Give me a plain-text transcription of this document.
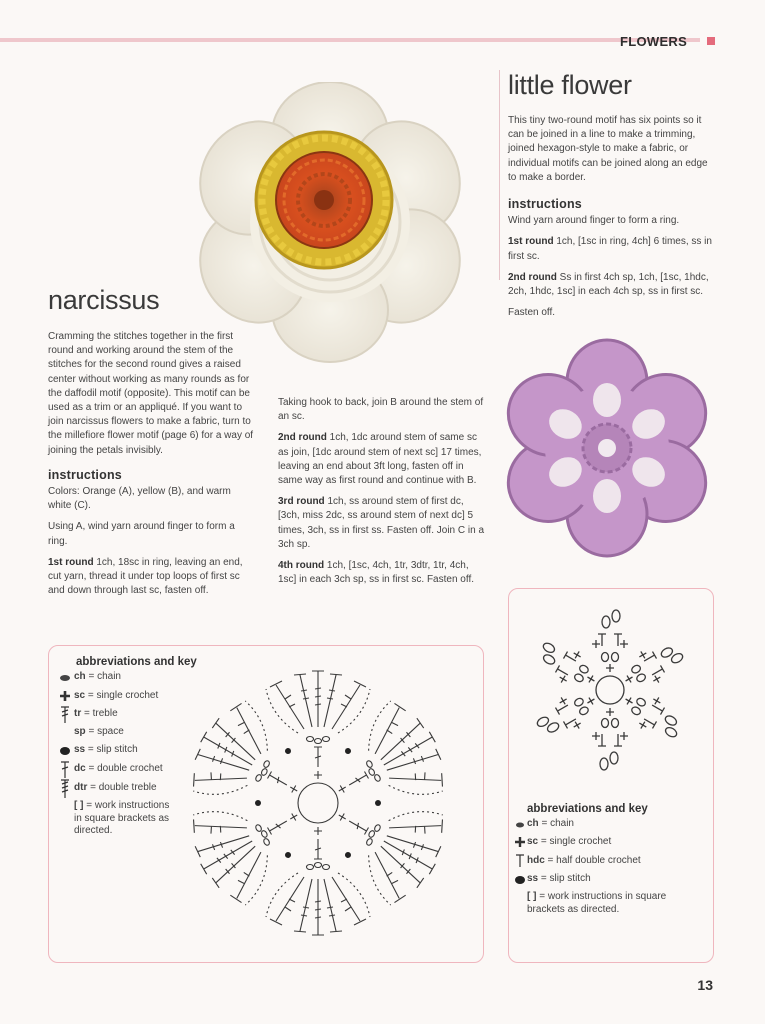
FLOWERS
narcissus

Cramming the stitches together in the first round and working around the stem of the stitches for the second round gives a raised center without working as many rounds as for the daffodil motif (opposite). This motif can be used as a trim or an appliqué. If you want to join narcissus flowers to make a fabric, turn to the millefiore flower motif (page 6) for a way of joining the petals invisibly.

instructions

Colors: Orange (A), yellow (B), and warm white (C).

Using A, wind yarn around finger to form a ring.

1st round 1ch, 18sc in ring, leaving an end, cut yarn, thread it under top loops of first sc and down through last sc, fasten off.

Taking hook to back, join B around the stem of an sc.

2nd round 1ch, 1dc around stem of same sc as join, [1dc around stem of next sc] 17 times, leaving an end about 3ft long, fasten off in same way as first round and continue with B.

3rd round 1ch, ss around stem of first dc, [3ch, miss 2dc, ss around stem of next dc] 5 times, 3ch, ss in first ss. Fasten off. Join C in a 3ch sp.

4th round 1ch, [1sc, 4ch, 1tr, 3dtr, 1tr, 4ch, 1sc] in each 3ch sp, ss in first sc. Fasten off.

little flower

This tiny two-round motif has six points so it can be joined in a line to make a trimming, joined hexagon-style to make a fabric, or individual motifs can be joined along an edge to make a border.

instructions

Wind yarn around finger to form a ring.

1st round 1ch, [1sc in ring, 4ch] 6 times, ss in first sc.

2nd round Ss in first 4ch sp, 1ch, [1sc, 1hdc, 2ch, 1hdc, 1sc] in each 4ch sp, ss in first sc.

Fasten off.

abbreviations and key
ch = chain
sc = single crochet
tr = treble
sp = space
ss = slip stitch
dc = double crochet
dtr = double treble
[ ] = work instructions in square brackets as directed.
abbreviations and key
ch = chain
sc = single crochet
hdc = half double crochet
ss = slip stitch
[ ] = work instructions in square brackets as directed.
13
